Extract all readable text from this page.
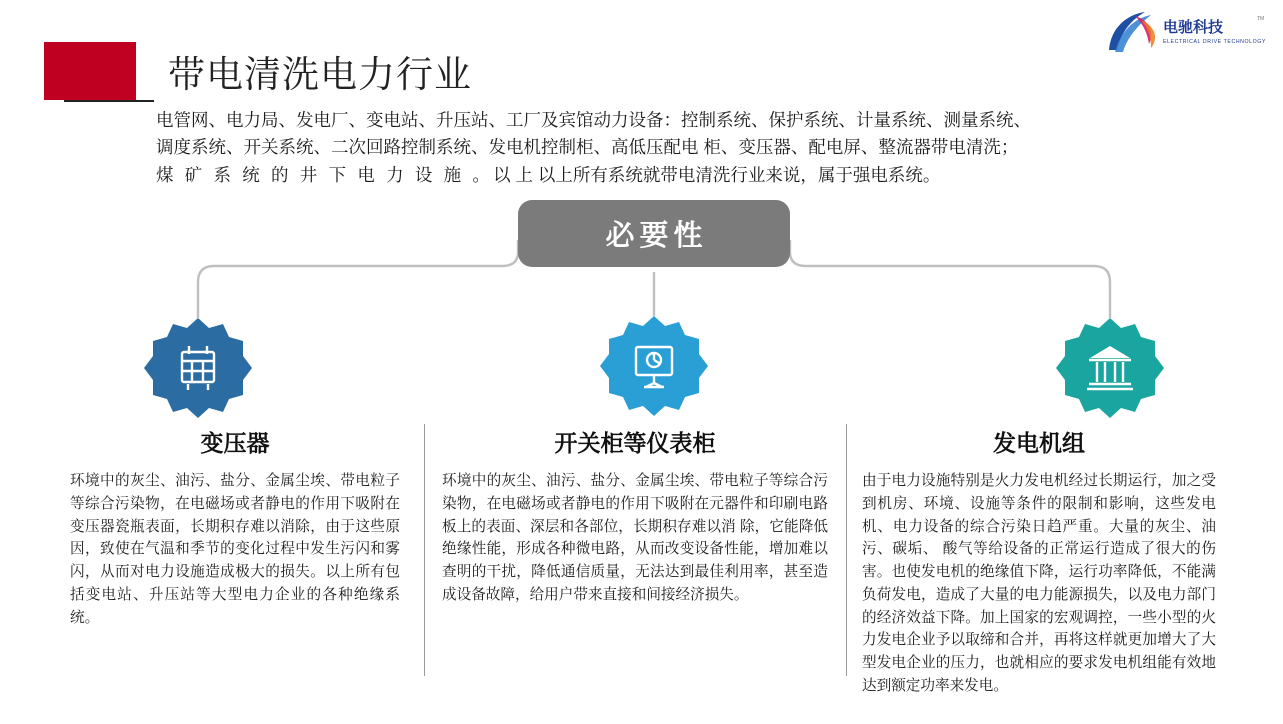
电驰科技
ELECTRICAL DRIVE TECHNOLOGY
TM
带电清洗电力行业
电管网、电力局、发电厂、变电站、升压站、工厂及宾馆动力设备：控制系统、保护系统、计量系统、测量系统、
调度系统、开关系统、二次回路控制系统、发电机控制柜、高低压配电 柜、变压器、配电屏、整流器带电清洗；
煤 矿 系 统 的 井 下 电 力 设 施 。以 上 以上所有系统就带电清洗行业来说，属于强电系统。
必要性
变压器
环境中的灰尘、油污、盐分、金属尘埃、带电粒子等综合污染物，在电磁场或者静电的作用下吸附在变压器瓷瓶表面，长期积存难以消除，由于这些原因，致使在气温和季节的变化过程中发生污闪和雾闪，从而对电力设施造成极大的损失。以上所有包括变电站、升压站等大型电力企业的各种绝缘系统。
开关柜等仪表柜
环境中的灰尘、油污、盐分、金属尘埃、带电粒子等综合污染物，在电磁场或者静电的作用下吸附在元器件和印刷电路板上的表面、深层和各部位，长期积存难以消 除，它能降低绝缘性能，形成各种微电路，从而改变设备性能，增加难以查明的干扰，降低通信质量，无法达到最佳利用率，甚至造成设备故障，给用户带来直接和间接经济损失。
发电机组
由于电力设施特别是火力发电机经过长期运行，加之受到机房、环境、设施等条件的限制和影响，这些发电机、电力设备的综合污染日趋严重。大量的灰尘、油污、碳垢、 酸气等给设备的正常运行造成了很大的伤害。也使发电机的绝缘值下降，运行功率降低，不能满负荷发电，造成了大量的电力能源损失，以及电力部门的经济效益下降。加上国家的宏观调控，一些小型的火力发电企业予以取缔和合并，再将这样就更加增大了大型发电企业的压力，也就相应的要求发电机组能有效地达到额定功率来发电。
